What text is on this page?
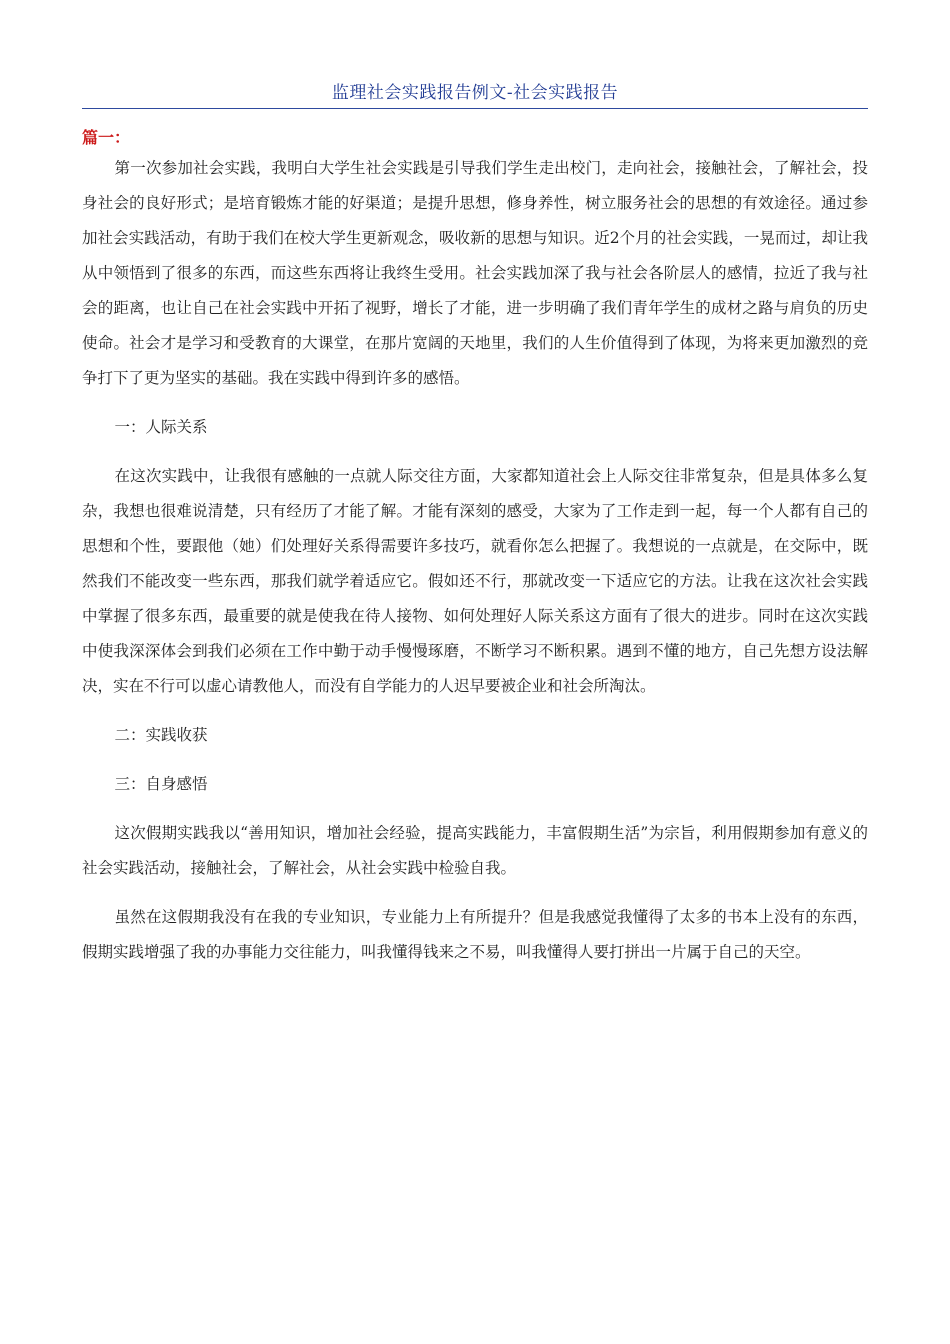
监理社会实践报告例文-社会实践报告
篇一：

第一次参加社会实践，我明白大学生社会实践是引导我们学生走出校门，走向社会，接触社会，了解社会，投身社会的良好形式；是培育锻炼才能的好渠道；是提升思想，修身养性，树立服务社会的思想的有效途径。通过参加社会实践活动，有助于我们在校大学生更新观念，吸收新的思想与知识。近2个月的社会实践，一晃而过，却让我从中领悟到了很多的东西，而这些东西将让我终生受用。社会实践加深了我与社会各阶层人的感情，拉近了我与社会的距离，也让自己在社会实践中开拓了视野，增长了才能，进一步明确了我们青年学生的成材之路与肩负的历史使命。社会才是学习和受教育的大课堂，在那片宽阔的天地里，我们的人生价值得到了体现，为将来更加激烈的竞争打下了更为坚实的基础。我在实践中得到许多的感悟。

一：人际关系

在这次实践中，让我很有感触的一点就人际交往方面，大家都知道社会上人际交往非常复杂，但是具体多么复杂，我想也很难说清楚，只有经历了才能了解。才能有深刻的感受，大家为了工作走到一起，每一个人都有自己的思想和个性，要跟他（她）们处理好关系得需要许多技巧，就看你怎么把握了。我想说的一点就是，在交际中，既然我们不能改变一些东西，那我们就学着适应它。假如还不行，那就改变一下适应它的方法。让我在这次社会实践中掌握了很多东西，最重要的就是使我在待人接物、如何处理好人际关系这方面有了很大的进步。同时在这次实践中使我深深体会到我们必须在工作中勤于动手慢慢琢磨，不断学习不断积累。遇到不懂的地方，自己先想方设法解决，实在不行可以虚心请教他人，而没有自学能力的人迟早要被企业和社会所淘汰。

二：实践收获

三：自身感悟

这次假期实践我以“善用知识，增加社会经验，提高实践能力，丰富假期生活”为宗旨，利用假期参加有意义的社会实践活动，接触社会，了解社会，从社会实践中检验自我。

虽然在这假期我没有在我的专业知识，专业能力上有所提升？但是我感觉我懂得了太多的书本上没有的东西，假期实践增强了我的办事能力交往能力，叫我懂得钱来之不易，叫我懂得人要打拼出一片属于自己的天空。
